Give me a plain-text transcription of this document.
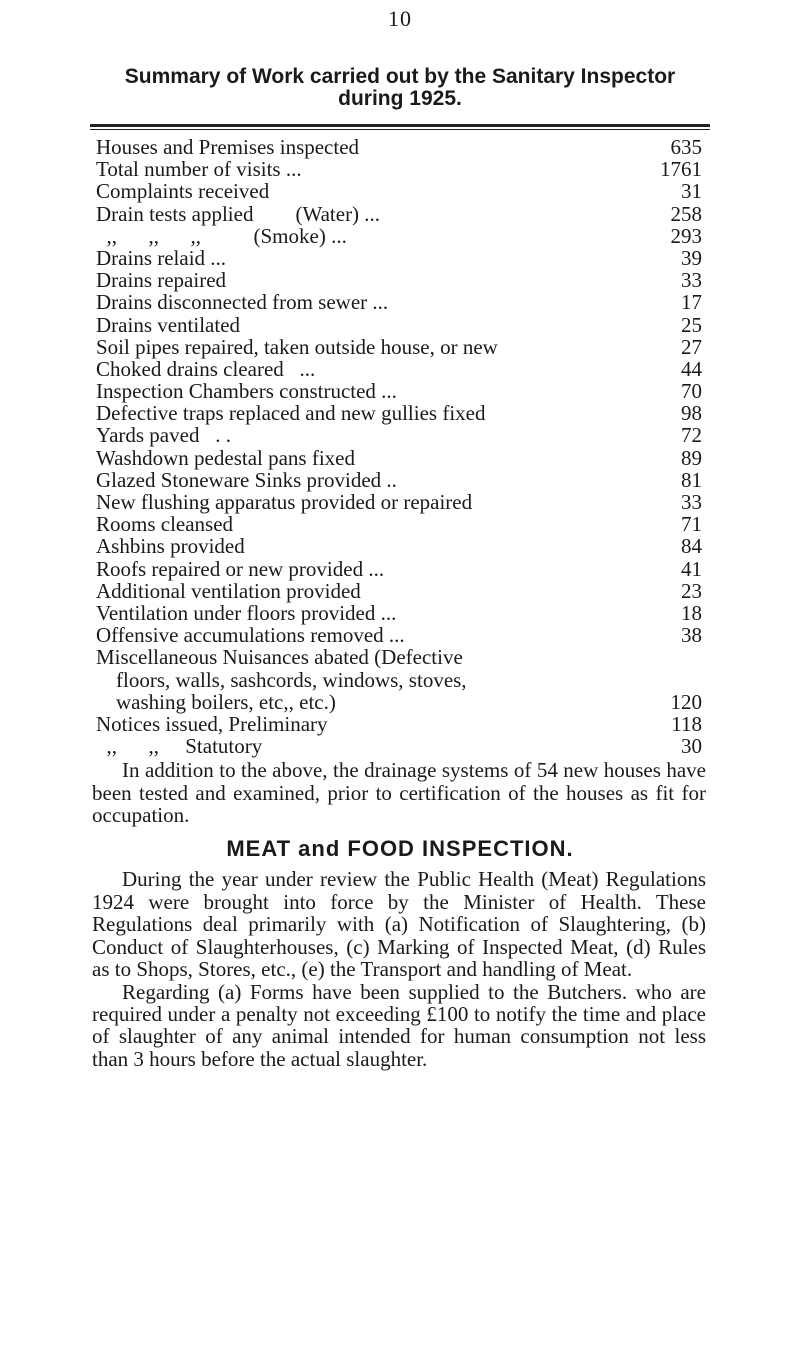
10
Summary of Work carried out by the Sanitary Inspector
during 1925.
Houses and Premises inspected	635
Total number of visits ...	1761
Complaints received	31
Drain tests applied        (Water) ...	258
,,      ,,      ,,          (Smoke) ...	293
Drains relaid ...	39
Drains repaired	33
Drains disconnected from sewer ...	17
Drains ventilated	25
Soil pipes repaired, taken outside house, or new	27
Choked drains cleared   ...	44
Inspection Chambers constructed ...	70
Defective traps replaced and new gullies fixed	98
Yards paved   . .	72
Washdown pedestal pans fixed	89
Glazed Stoneware Sinks provided ..	81
New flushing apparatus provided or repaired	33
Rooms cleansed	71
Ashbins provided	84
Roofs repaired or new provided ...	41
Additional ventilation provided	23
Ventilation under floors provided ...	18
Offensive accumulations removed ...	38
Miscellaneous Nuisances abated (Defective
floors, walls, sashcords, windows, stoves,
washing boilers, etc,, etc.)	120
Notices issued, Preliminary	118
,,      ,,     Statutory	30
In addition to the above, the drainage systems of 54 new houses have been tested and examined, prior to certification of the houses as fit for occupation.
MEAT and FOOD INSPECTION.
During the year under review the Public Health (Meat) Regulations 1924 were brought into force by the Minister of Health. These Regulations deal primarily with (a) Notification of Slaughtering, (b) Conduct of Slaughterhouses, (c) Marking of Inspected Meat, (d) Rules as to Shops, Stores, etc., (e) the Transport and handling of Meat.
Regarding (a) Forms have been supplied to the Butchers. who are required under a penalty not exceeding £100 to notify the time and place of slaughter of any animal intended for human consumption not less than 3 hours before the actual slaughter.
